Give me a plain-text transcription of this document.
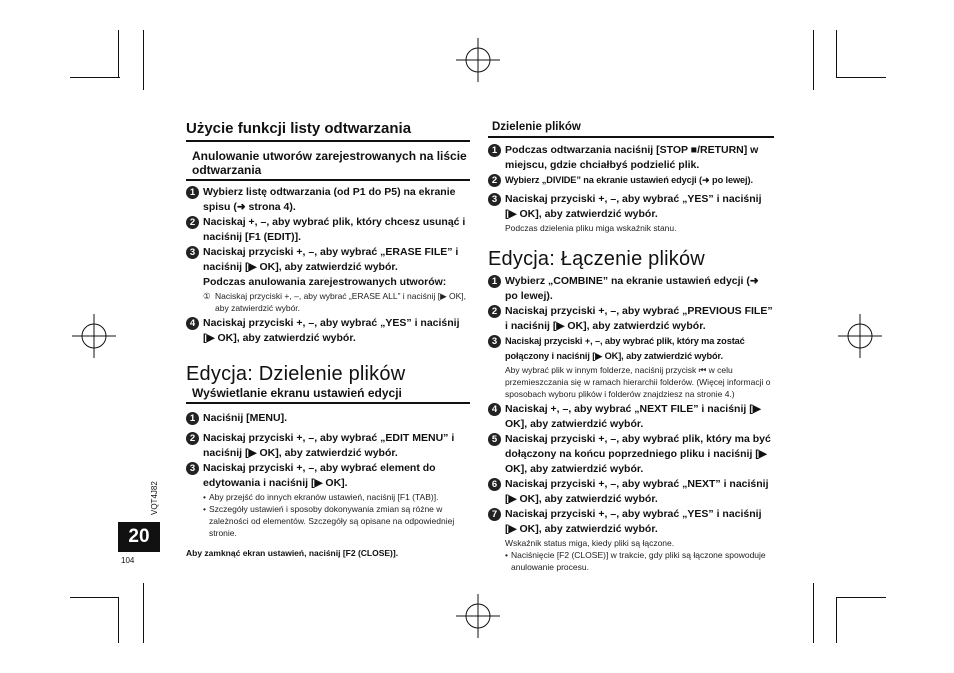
VQT4J82
20
104
Użycie funkcji listy odtwarzania
Anulowanie utworów zarejestrowanych na liście odtwarzania
1 Wybierz listę odtwarzania (od P1 do P5) na ekranie spisu (➜ strona 4).
2 Naciskaj +, –, aby wybrać plik, który chcesz usunąć i naciśnij [F1 (EDIT)].
3 Naciskaj przyciski +, –, aby wybrać „ERASE FILE” i naciśnij [▶ OK], aby zatwierdzić wybór.
Podczas anulowania zarejestrowanych utworów:
① Naciskaj przyciski +, –, aby wybrać „ERASE ALL” i naciśnij [▶ OK], aby zatwierdzić wybór.
4 Naciskaj przyciski +, –, aby wybrać „YES” i naciśnij [▶ OK], aby zatwierdzić wybór.
Edycja: Dzielenie plików
Wyświetlanie ekranu ustawień edycji
1 Naciśnij [MENU].
2 Naciskaj przyciski +, –, aby wybrać „EDIT MENU” i naciśnij [▶ OK], aby zatwierdzić wybór.
3 Naciskaj przyciski +, –, aby wybrać element do edytowania i naciśnij [▶ OK].
• Aby przejść do innych ekranów ustawień, naciśnij [F1 (TAB)].
• Szczegóły ustawień i sposoby dokonywania zmian są różne w zależności od elementów. Szczegóły są opisane na odpowiedniej stronie.
Aby zamknąć ekran ustawień, naciśnij [F2 (CLOSE)].
Dzielenie plików
1 Podczas odtwarzania naciśnij [STOP ■/RETURN] w miejscu, gdzie chciałbyś podzielić plik.
2 Wybierz „DIVIDE” na ekranie ustawień edycji (➜ po lewej).
3 Naciskaj przyciski +, –, aby wybrać „YES” i naciśnij [▶ OK], aby zatwierdzić wybór.
Podczas dzielenia pliku miga wskaźnik stanu.
Edycja: Łączenie plików
1 Wybierz „COMBINE” na ekranie ustawień edycji (➜ po lewej).
2 Naciskaj przyciski +, –, aby wybrać „PREVIOUS FILE” i naciśnij [▶ OK], aby zatwierdzić wybór.
3 Naciskaj przyciski +, –, aby wybrać plik, który ma zostać połączony i naciśnij [▶ OK], aby zatwierdzić wybór.
Aby wybrać plik w innym folderze, naciśnij przycisk ⏮ w celu przemieszczania się w ramach hierarchii folderów. (Więcej informacji o sposobach wyboru plików i folderów znajdziesz na stronie 4.)
4 Naciskaj +, –, aby wybrać „NEXT FILE” i naciśnij [▶ OK], aby zatwierdzić wybór.
5 Naciskaj przyciski +, –, aby wybrać plik, który ma być dołączony na końcu poprzedniego pliku i naciśnij [▶ OK], aby zatwierdzić wybór.
6 Naciskaj przyciski +, –, aby wybrać „NEXT” i naciśnij [▶ OK], aby zatwierdzić wybór.
7 Naciskaj przyciski +, –, aby wybrać „YES” i naciśnij [▶ OK], aby zatwierdzić wybór.
Wskaźnik status miga, kiedy pliki są łączone.
• Naciśnięcie [F2 (CLOSE)] w trakcie, gdy pliki są łączone spowoduje anulowanie procesu.
